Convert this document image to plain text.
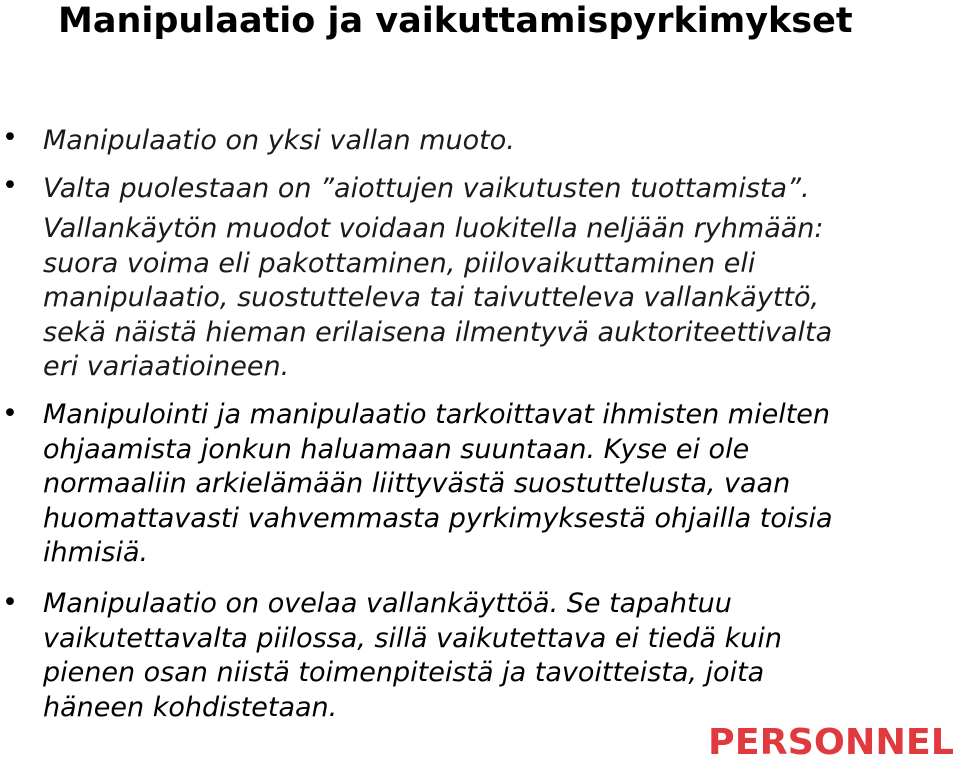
Manipulaatio ja vaikuttamispyrkimykset
• Manipulaatio on yksi vallan muoto.
• Valta puolestaan on ”aiottujen vaikutusten tuottamista”.
Vallankäytön muodot voidaan luokitella neljään ryhmään:
suora voima eli pakottaminen, piilovaikuttaminen eli
manipulaatio, suostutteleva tai taivutteleva vallankäyttö,
sekä näistä hieman erilaisena ilmentyvä auktoriteettivalta
eri variaatioineen.
• Manipulointi ja manipulaatio tarkoittavat ihmisten mielten
ohjaamista jonkun haluamaan suuntaan. Kyse ei ole
normaaliin arkielämään liittyvästä suostuttelusta, vaan
huomattavasti vahvemmasta pyrkimyksestä ohjailla toisia
ihmisiä.
• Manipulaatio on ovelaa vallankäyttöä. Se tapahtuu
vaikutettavalta piilossa, sillä vaikutettava ei tiedä kuin
pienen osan niistä toimenpiteistä ja tavoitteista, joita
häneen kohdistetaan.
PERSONNEL
